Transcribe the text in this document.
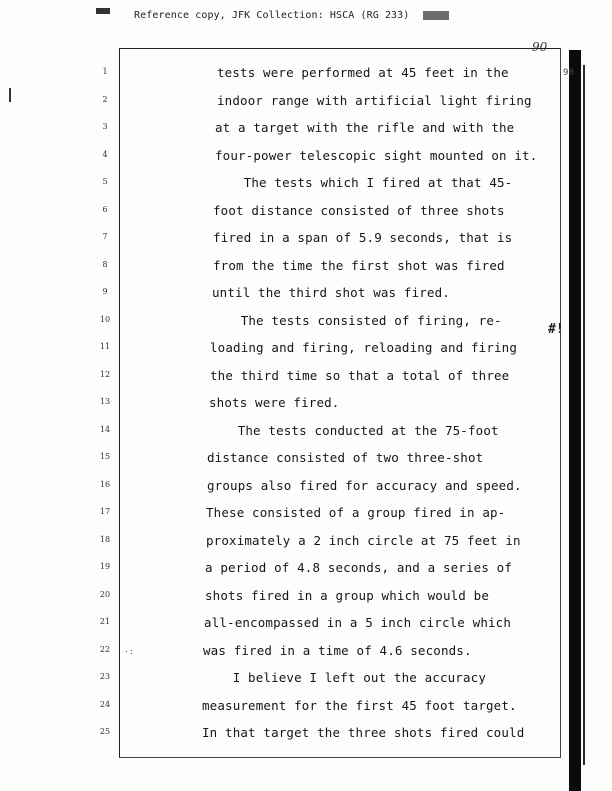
Reference copy, JFK Collection: HSCA (RG 233)
90
90
#!
·:
1
2
3
4
5
6
7
8
9
10
11
12
13
14
15
16
17
18
19
20
21
22
23
24
25
tests were performed at 45 feet in the
indoor range with artificial light firing
at a target with the rifle and with the
four-power telescopic sight mounted on it.
The tests which I fired at that 45-
foot distance consisted of three shots
fired in a span of 5.9 seconds, that is
from the time the first shot was fired
until the third shot was fired.
The tests consisted of firing, re-
loading and firing, reloading and firing
the third time so that a total of three
shots were fired.
The tests conducted at the 75-foot
distance consisted of two three-shot
groups also fired for accuracy and speed.
These consisted of a group fired in ap-
proximately a 2 inch circle at 75 feet in
a period of 4.8 seconds, and a series of
shots fired in a group which would be
all-encompassed in a 5 inch circle which
was fired in a time of 4.6 seconds.
I believe I left out the accuracy
measurement for the first 45 foot target.
In that target the three shots fired could
